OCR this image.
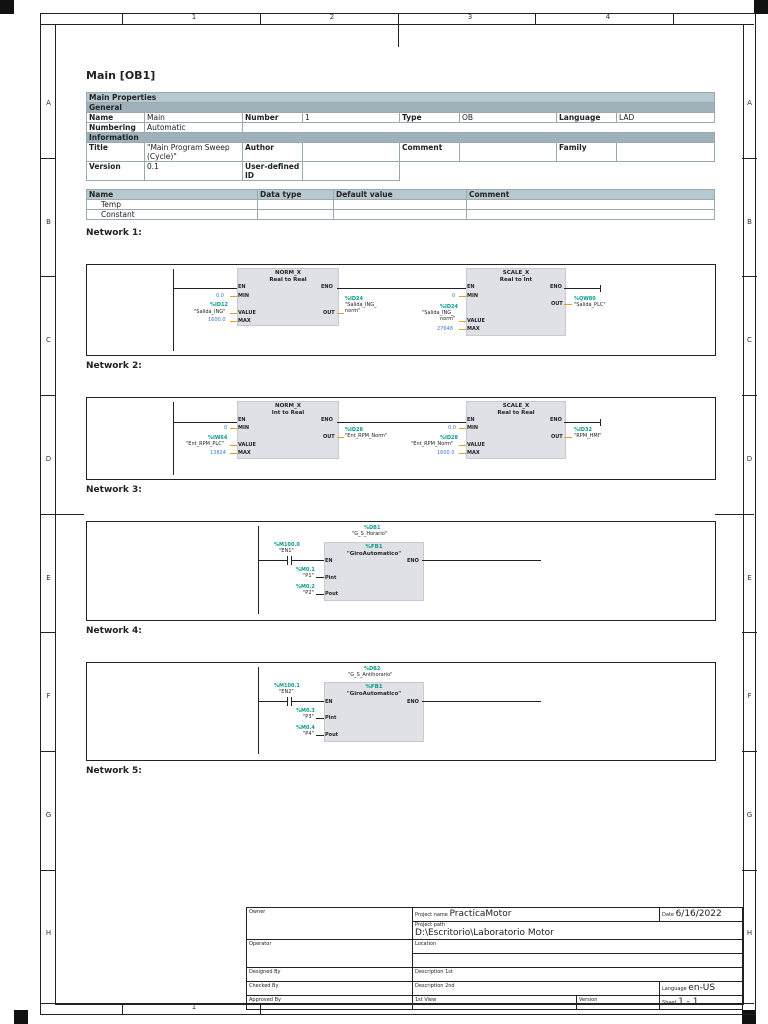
1	2	3	4
1
A
B
C
D
E
F
G
H
A
B
C
D
E
F
G
H
Main [OB1]
Main Properties							
General							
Name	Main	Number	1	Type	OB	Language	LAD
Numbering	Automatic						
Information							
Title	"Main Program Sweep (Cycle)"	Author		Comment		Family	
Version	0.1	User-defined ID					
Name	Data type	Default value	Comment
Temp			
Constant			
Network 1:
NORM_X
Real to Real
EN	ENO
MIN
VALUE	OUT
MAX
0.0
%ID12
"Salida_ING"
1600.0
%ID24
"Salida_ING_
norm"
SCALE_X
Real to Int
EN	ENO
MIN
OUT
VALUE
MAX
0
%ID24
"Salida_ING_
norm"
27648
%QW80
"Salida_PLC"
Network 2:
NORM_X
Int to Real
EN	ENO
MIN
OUT
VALUE
MAX
0
%IW64
"Ent_RPM_PLC"
13824
%ID28
"Ent_RPM_Norm"
SCALE_X
Real to Real
EN	ENO
MIN
OUT
VALUE
MAX
0.0
%ID28
"Ent_RPM_Norm"
1600.0
%ID32
"RPM_HMI"
Network 3:
%DB1
"G_S_Horario"
%M100.0
"EN1"
%FB1
"GiroAutomatico"
EN	ENO
Pint
Pout
%M0.1
"P1"
%M0.2
"P2"
Network 4:
%DB2
"G_S_Antihorario"
%M100.1
"EN2"
%FB1
"GiroAutomatico"
EN	ENO
Pint
Pout
%M0.3
"P3"
%M0.4
"P4"
Network 5:
Owner	Project name PracticaMotor		Date 6/16/2022

	Project path
D:\Escritorio\Laboratorio Motor		
Operator	Location		

Designed By	Description 1st		
Checked By	Description 2nd		Language en-US
Approved By	1st View	Version	Sheet 1 - 1
